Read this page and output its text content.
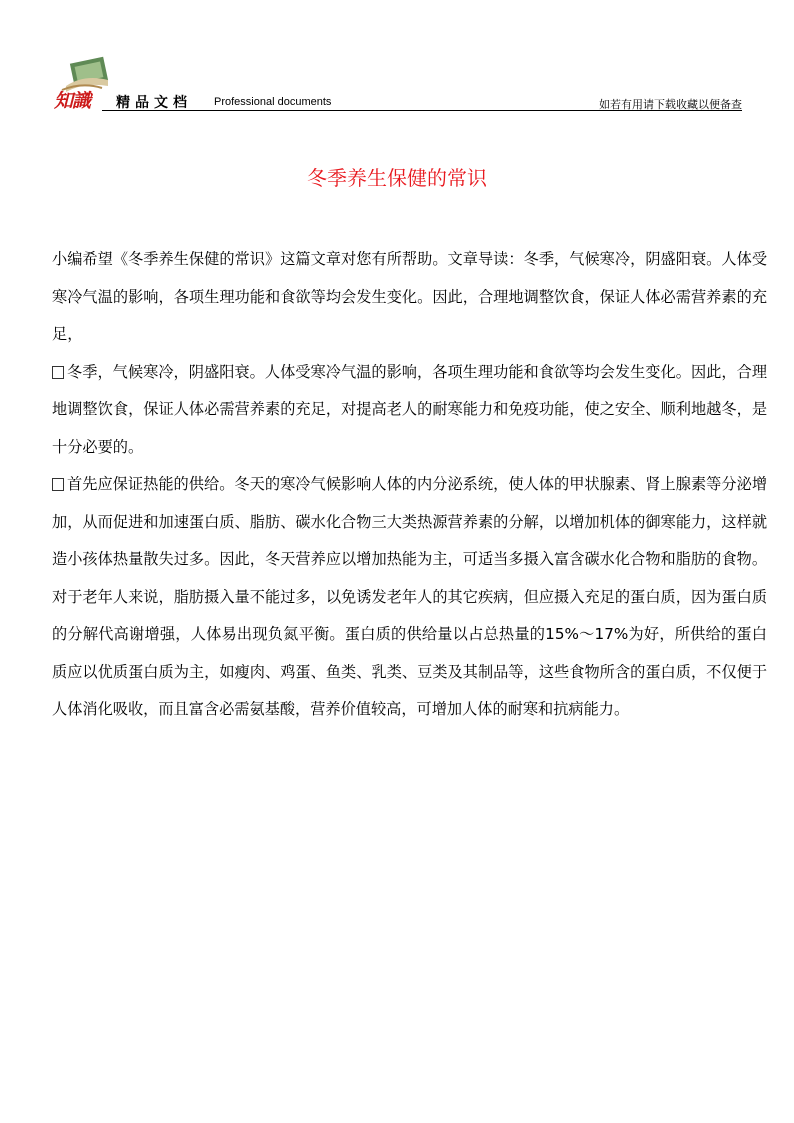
知識 精品文档 Professional documents	如若有用请下载收藏以便备查
冬季养生保健的常识

小编希望《冬季养生保健的常识》这篇文章对您有所帮助。文章导读：冬季，气候寒冷，阴盛阳衰。人体受寒冷气温的影响，各项生理功能和食欲等均会发生变化。因此，合理地调整饮食，保证人体必需营养素的充足，

冬季，气候寒冷，阴盛阳衰。人体受寒冷气温的影响，各项生理功能和食欲等均会发生变化。因此，合理地调整饮食，保证人体必需营养素的充足，对提高老人的耐寒能力和免疫功能，使之安全、顺利地越冬，是十分必要的。

首先应保证热能的供给。冬天的寒冷气候影响人体的内分泌系统，使人体的甲状腺素、肾上腺素等分泌增加，从而促进和加速蛋白质、脂肪、碳水化合物三大类热源营养素的分解，以增加机体的御寒能力，这样就造小孩体热量散失过多。因此，冬天营养应以增加热能为主，可适当多摄入富含碳水化合物和脂肪的食物。对于老年人来说，脂肪摄入量不能过多，以免诱发老年人的其它疾病，但应摄入充足的蛋白质，因为蛋白质的分解代高谢增强，人体易出现负氮平衡。蛋白质的供给量以占总热量的15%～17%为好，所供给的蛋白质应以优质蛋白质为主，如瘦肉、鸡蛋、鱼类、乳类、豆类及其制品等，这些食物所含的蛋白质，不仅便于人体消化吸收，而且富含必需氨基酸，营养价值较高，可增加人体的耐寒和抗病能力。
